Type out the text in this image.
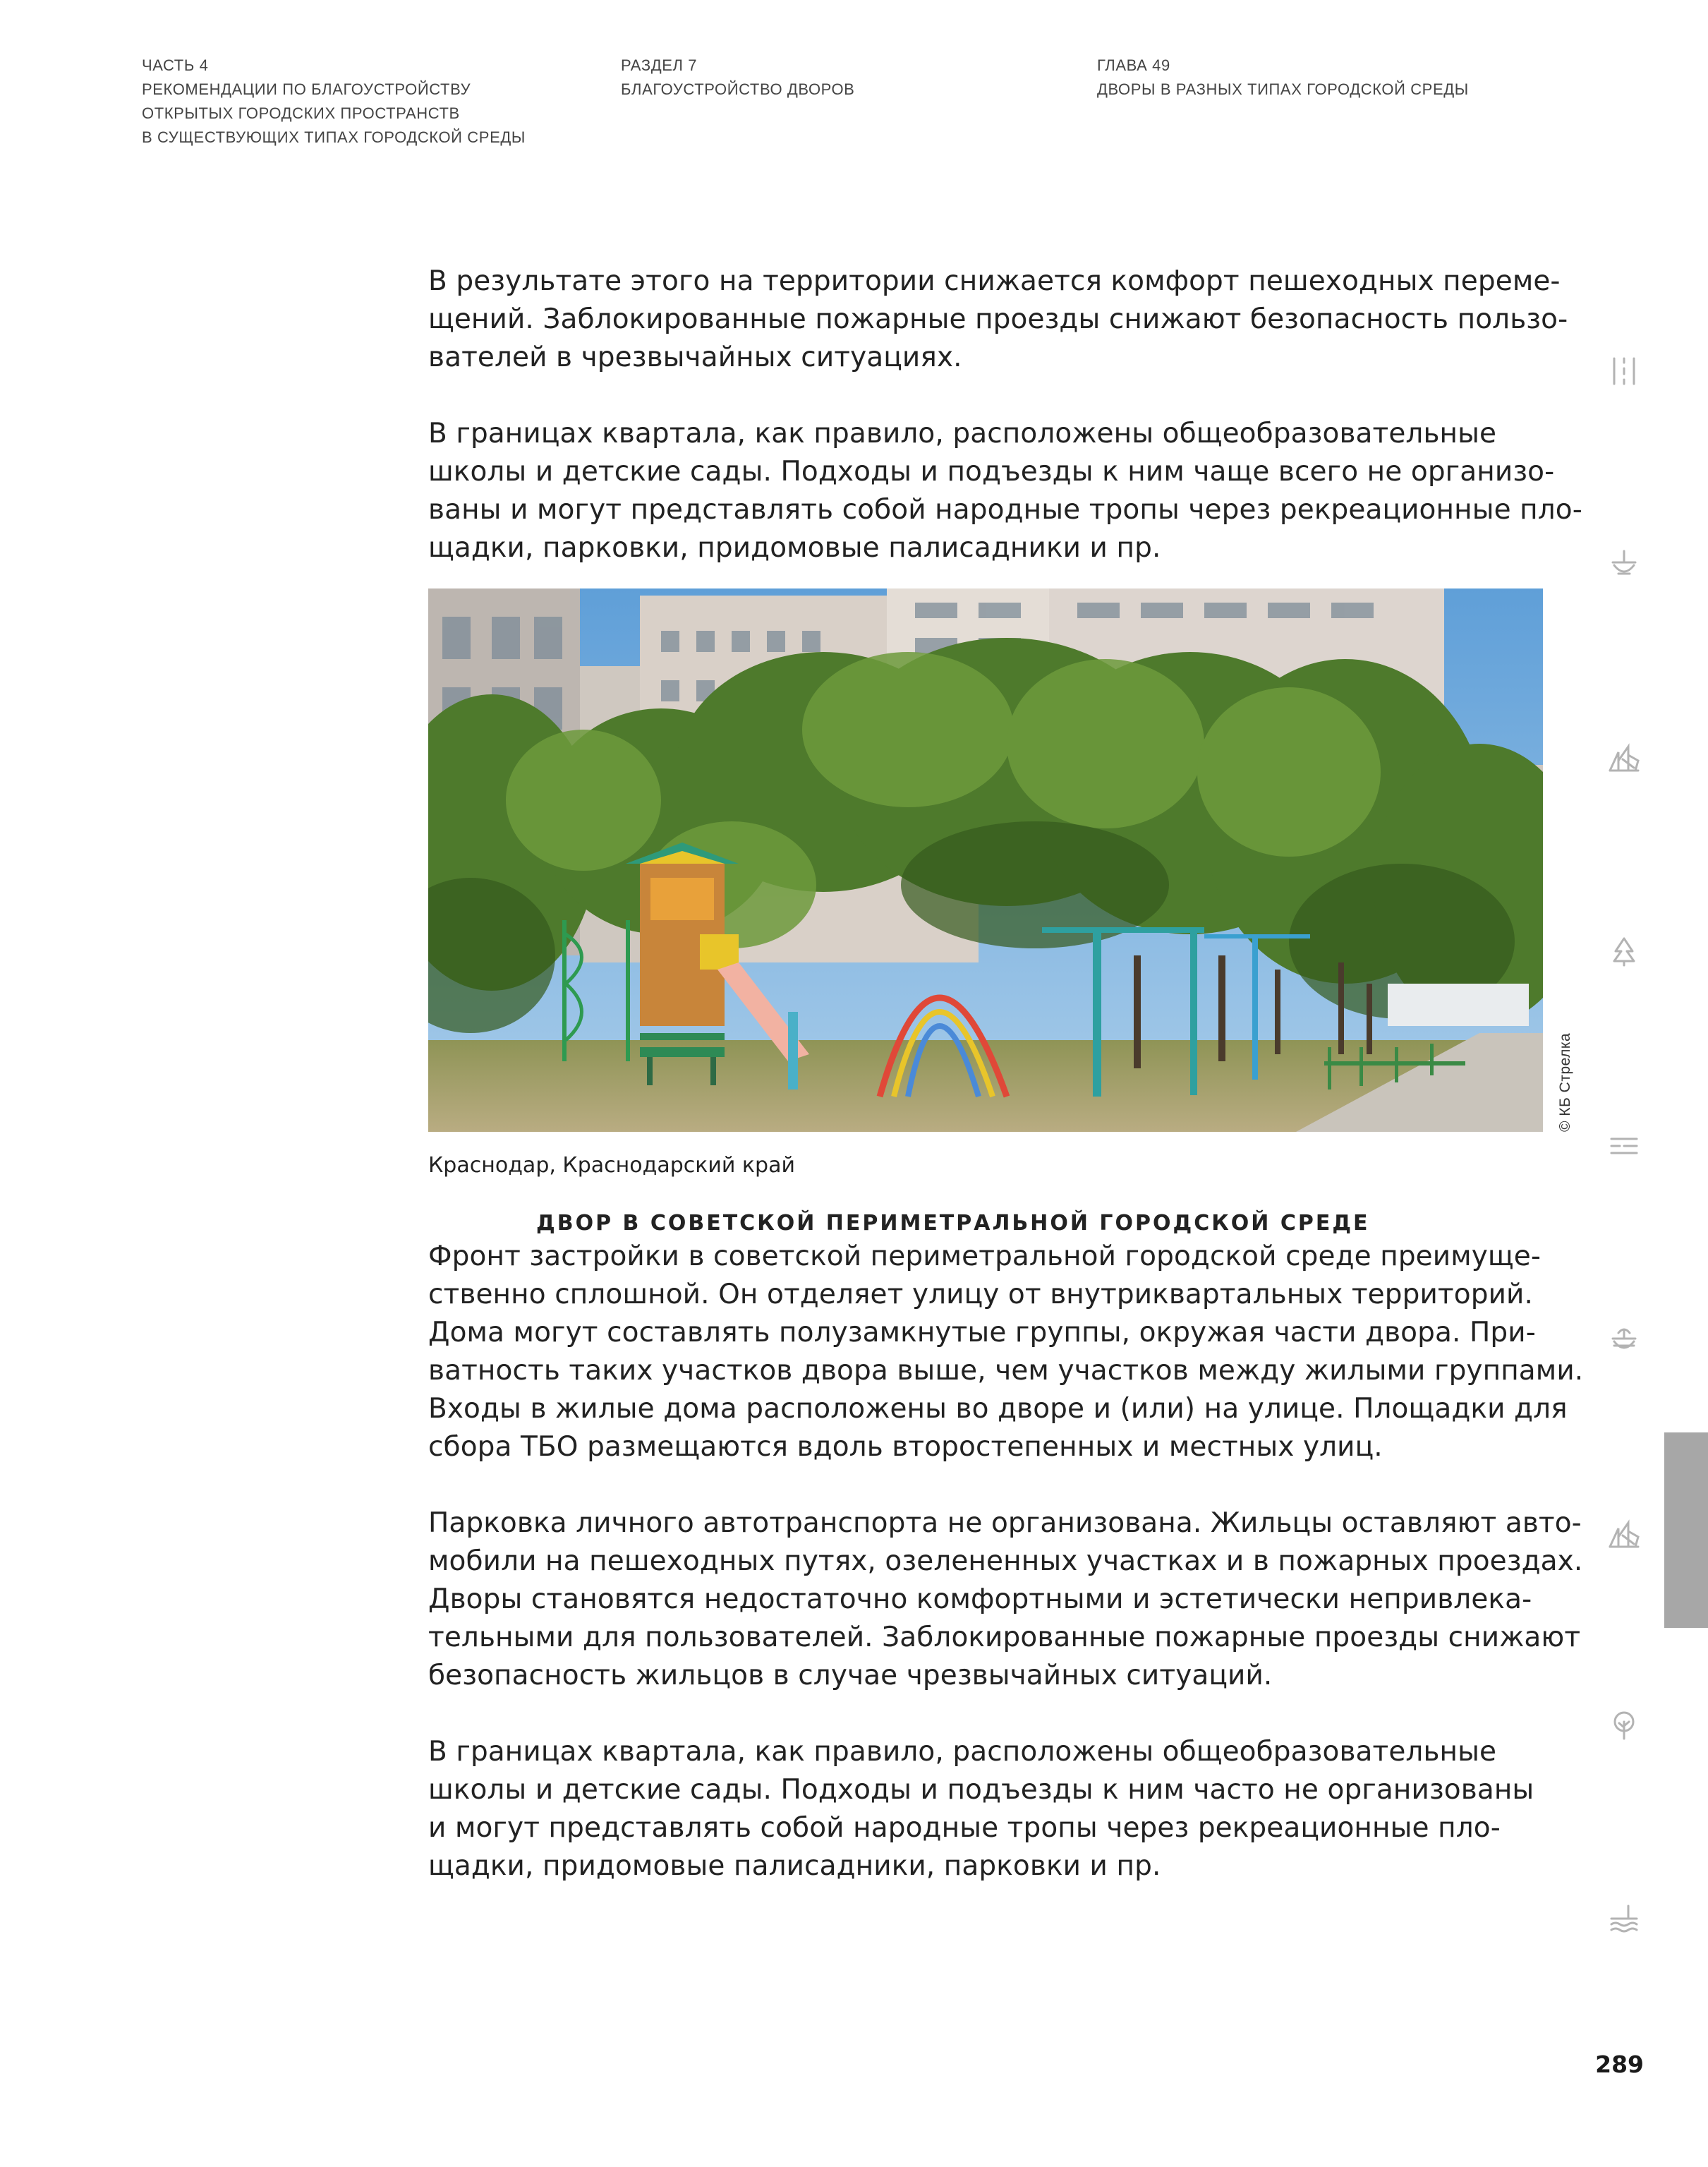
ЧАСТЬ 4
РЕКОМЕНДАЦИИ ПО БЛАГОУСТРОЙСТВУ
ОТКРЫТЫХ ГОРОДСКИХ ПРОСТРАНСТВ
В СУЩЕСТВУЮЩИХ ТИПАХ ГОРОДСКОЙ СРЕДЫ
РАЗДЕЛ 7
БЛАГОУСТРОЙСТВО ДВОРОВ
ГЛАВА 49
ДВОРЫ В РАЗНЫХ ТИПАХ ГОРОДСКОЙ СРЕДЫ

В результате этого на территории снижается комфорт пешеходных переме-
щений. Заблокированные пожарные проезды снижают безопасность пользо-
вателей в чрезвычайных ситуациях.

В границах квартала, как правило, расположены общеобразовательные
школы и детские сады. Подходы и подъезды к ним чаще всего не организо-
ваны и могут представлять собой народные тропы через рекреационные пло-
щадки, парковки, придомовые палисадники и пр.

© КБ Стрелка

Краснодар, Краснодарский край

ДВОР В СОВЕТСКОЙ ПЕРИМЕТРАЛЬНОЙ ГОРОДСКОЙ СРЕДЕ

Фронт застройки в советской периметральной городской среде преимуще-
ственно сплошной. Он отделяет улицу от внутриквартальных территорий.
Дома могут составлять полузамкнутые группы, окружая части двора. При-
ватность таких участков двора выше, чем участков между жилыми группами.
Входы в жилые дома расположены во дворе и (или) на улице. Площадки для
сбора ТБО размещаются вдоль второстепенных и местных улиц.

Парковка личного автотранспорта не организована. Жильцы оставляют авто-
мобили на пешеходных путях, озелененных участках и в пожарных проездах.
Дворы становятся недостаточно комфортными и эстетически непривлека-
тельными для пользователей. Заблокированные пожарные проезды снижают
безопасность жильцов в случае чрезвычайных ситуаций.

В границах квартала, как правило, расположены общеобразовательные
школы и детские сады. Подходы и подъезды к ним часто не организованы
и могут представлять собой народные тропы через рекреационные пло-
щадки, придомовые палисадники, парковки и пр.

289
